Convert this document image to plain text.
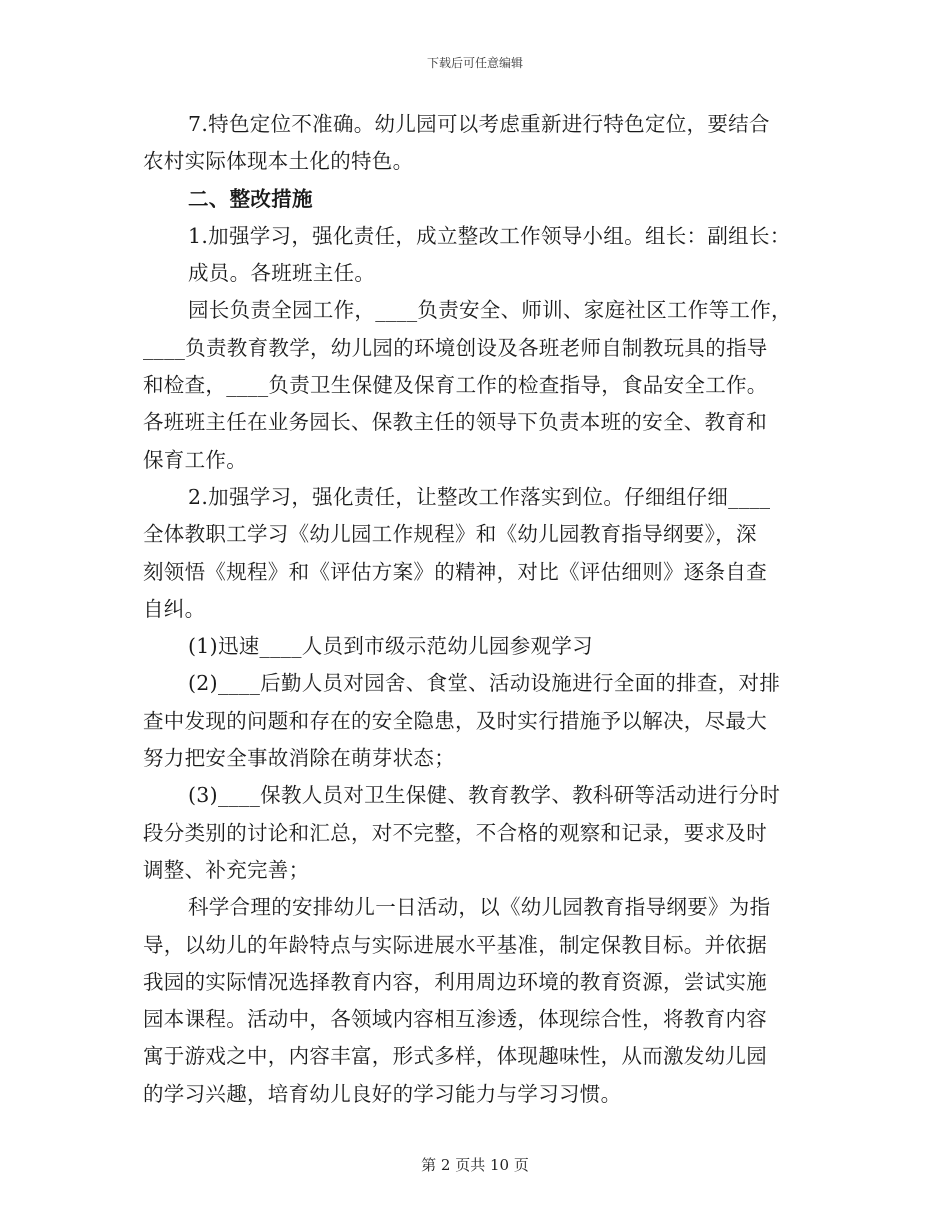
下载后可任意编辑
7.特色定位不准确。幼儿园可以考虑重新进行特色定位，要结合
农村实际体现本土化的特色。
二、整改措施
1.加强学习，强化责任，成立整改工作领导小组。组长：副组长：
成员。各班班主任。
园长负责全园工作，____负责安全、师训、家庭社区工作等工作，
____负责教育教学，幼儿园的环境创设及各班老师自制教玩具的指导
和检查，____负责卫生保健及保育工作的检查指导，食品安全工作。
各班班主任在业务园长、保教主任的领导下负责本班的安全、教育和
保育工作。
2.加强学习，强化责任，让整改工作落实到位。仔细组仔细____
全体教职工学习《幼儿园工作规程》和《幼儿园教育指导纲要》，深
刻领悟《规程》和《评估方案》的精神，对比《评估细则》逐条自查
自纠。
(1)迅速____人员到市级示范幼儿园参观学习
(2)____后勤人员对园舍、食堂、活动设施进行全面的排查，对排
查中发现的问题和存在的安全隐患，及时实行措施予以解决，尽最大
努力把安全事故消除在萌芽状态；
(3)____保教人员对卫生保健、教育教学、教科研等活动进行分时
段分类别的讨论和汇总，对不完整，不合格的观察和记录，要求及时
调整、补充完善；
科学合理的安排幼儿一日活动，以《幼儿园教育指导纲要》为指
导，以幼儿的年龄特点与实际进展水平基准，制定保教目标。并依据
我园的实际情况选择教育内容，利用周边环境的教育资源，尝试实施
园本课程。活动中，各领域内容相互渗透，体现综合性，将教育内容
寓于游戏之中，内容丰富，形式多样，体现趣味性，从而激发幼儿园
的学习兴趣，培育幼儿良好的学习能力与学习习惯。
第 2 页共 10 页
